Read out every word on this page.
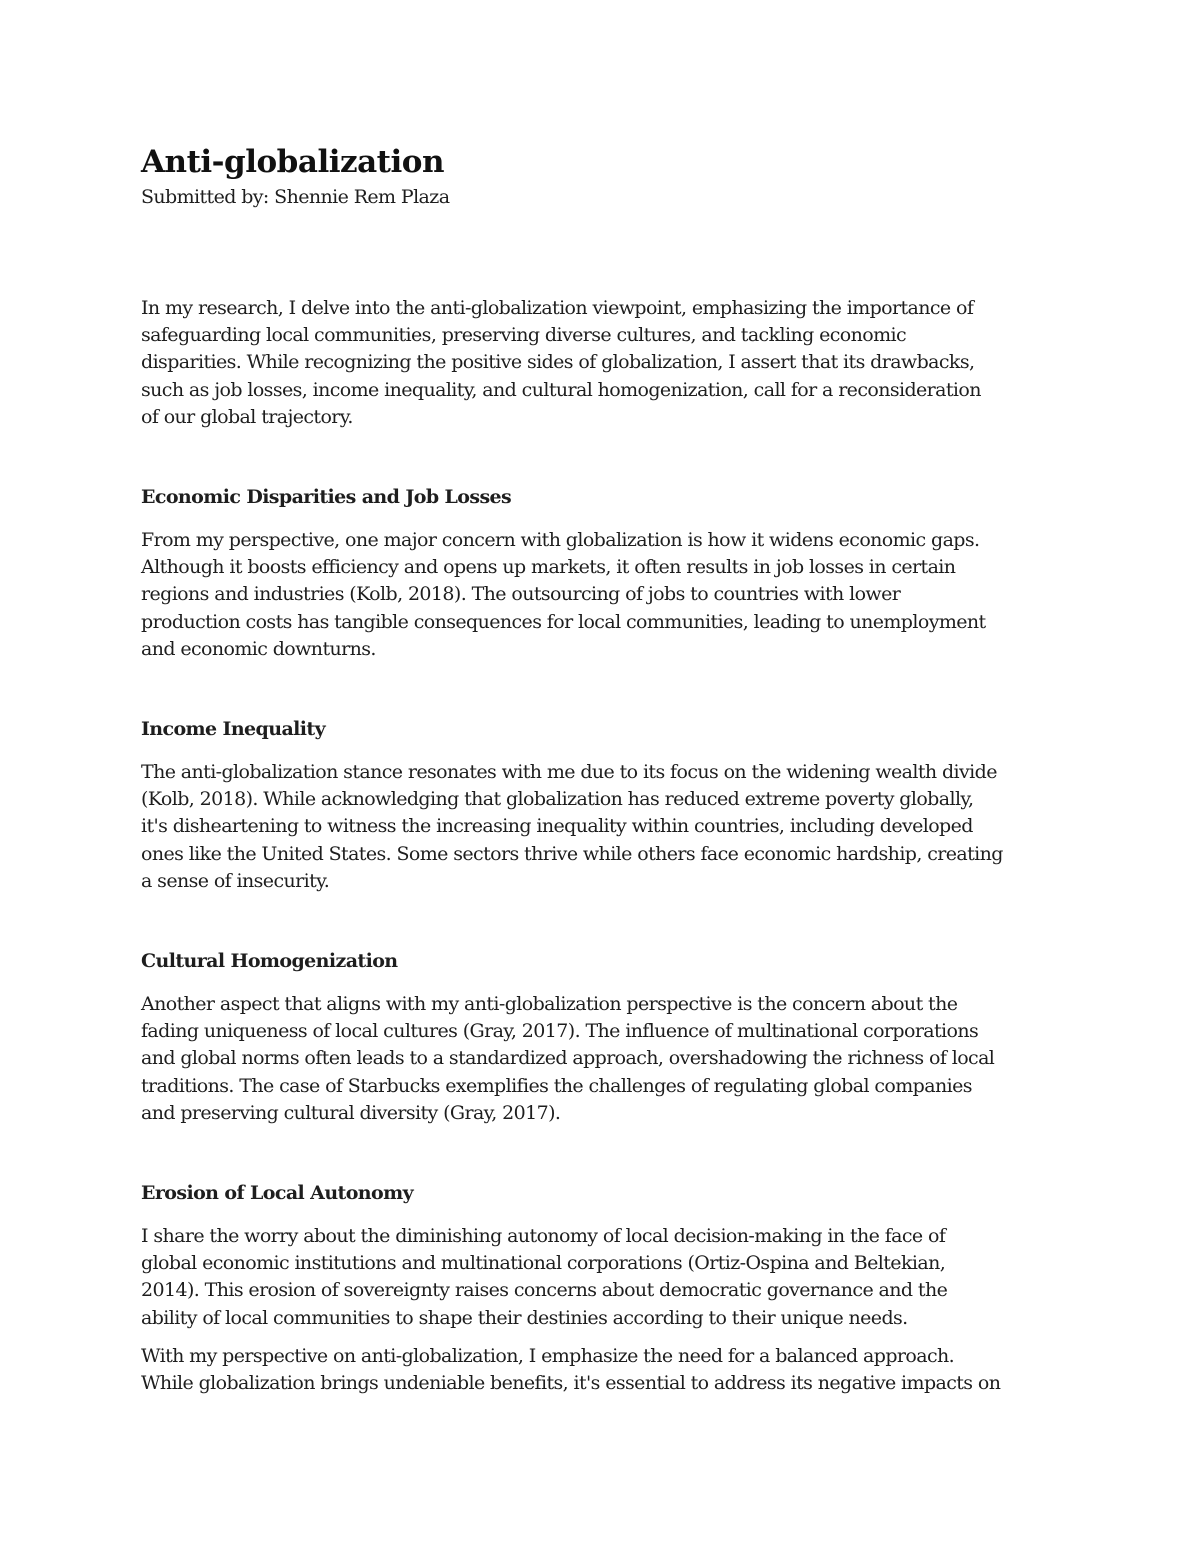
Anti-globalization

Submitted by: Shennie Rem Plaza

In my research, I delve into the anti-globalization viewpoint, emphasizing the importance of
safeguarding local communities, preserving diverse cultures, and tackling economic
disparities. While recognizing the positive sides of globalization, I assert that its drawbacks,
such as job losses, income inequality, and cultural homogenization, call for a reconsideration
of our global trajectory.
Economic Disparities and Job Losses
From my perspective, one major concern with globalization is how it widens economic gaps.
Although it boosts efficiency and opens up markets, it often results in job losses in certain
regions and industries (Kolb, 2018). The outsourcing of jobs to countries with lower
production costs has tangible consequences for local communities, leading to unemployment
and economic downturns.
Income Inequality
The anti-globalization stance resonates with me due to its focus on the widening wealth divide
(Kolb, 2018). While acknowledging that globalization has reduced extreme poverty globally,
it's disheartening to witness the increasing inequality within countries, including developed
ones like the United States. Some sectors thrive while others face economic hardship, creating
a sense of insecurity.
Cultural Homogenization
Another aspect that aligns with my anti-globalization perspective is the concern about the
fading uniqueness of local cultures (Gray, 2017). The influence of multinational corporations
and global norms often leads to a standardized approach, overshadowing the richness of local
traditions. The case of Starbucks exemplifies the challenges of regulating global companies
and preserving cultural diversity (Gray, 2017).
Erosion of Local Autonomy
I share the worry about the diminishing autonomy of local decision-making in the face of
global economic institutions and multinational corporations (Ortiz-Ospina and Beltekian,
2014). This erosion of sovereignty raises concerns about democratic governance and the
ability of local communities to shape their destinies according to their unique needs.
With my perspective on anti-globalization, I emphasize the need for a balanced approach.
While globalization brings undeniable benefits, it's essential to address its negative impacts on
